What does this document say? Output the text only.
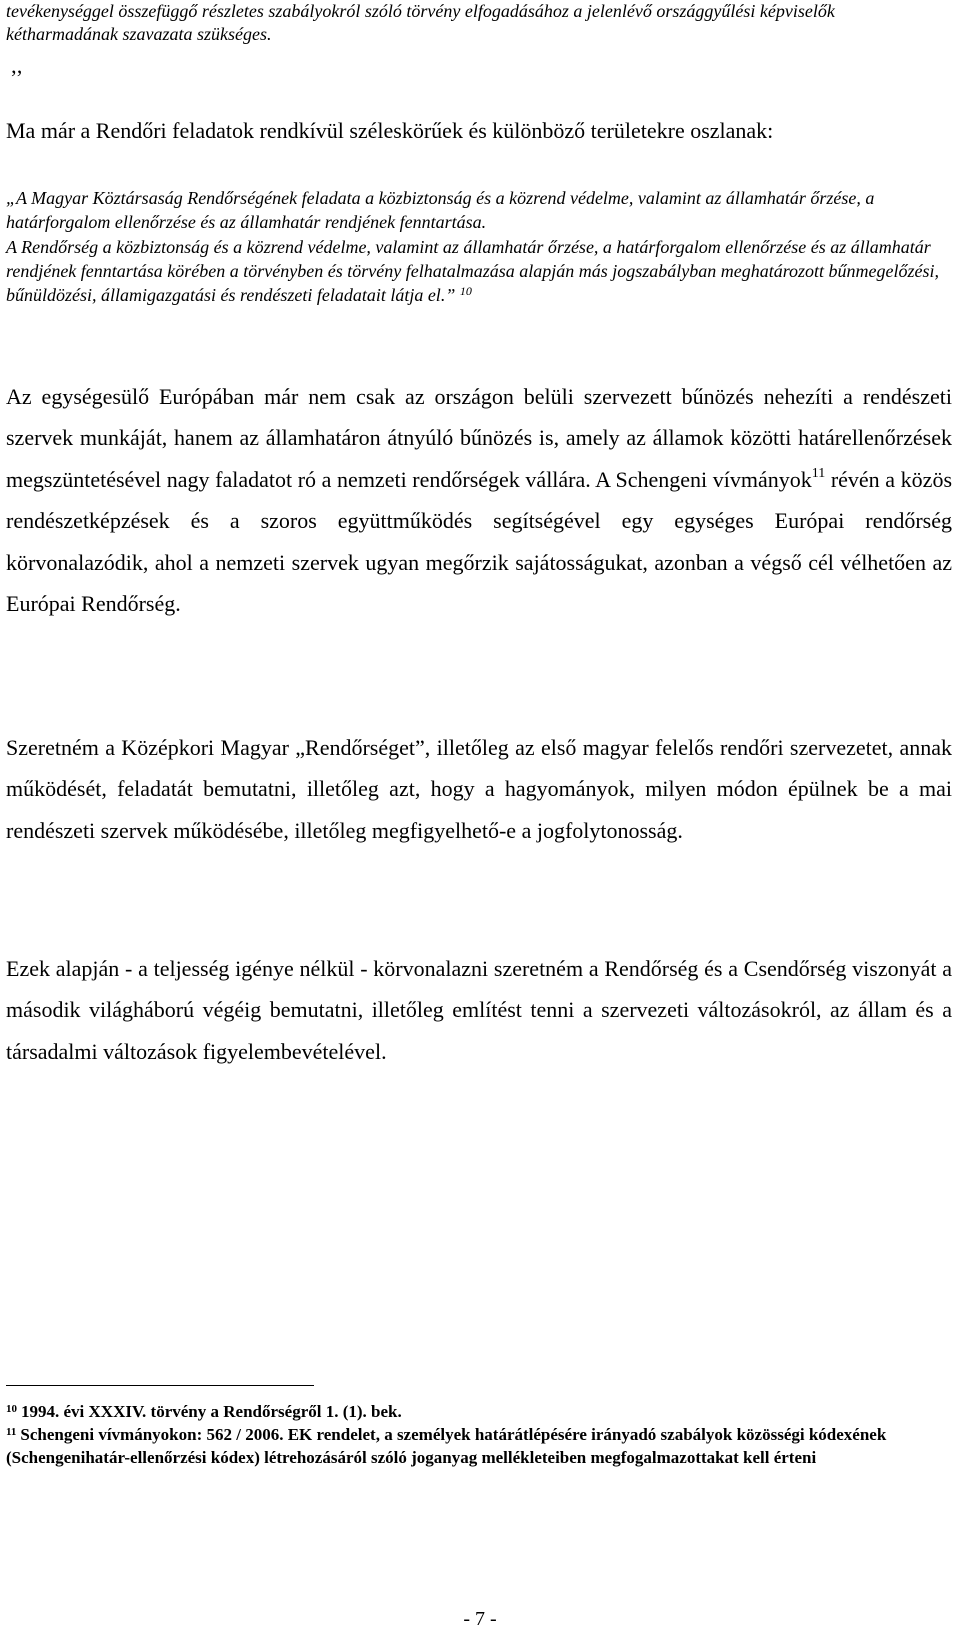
tevékenységgel összefüggő részletes szabályokról szóló törvény elfogadásához a jelenlévő országgyűlési képviselők
kétharmadának szavazata szükséges.
’’
Ma már a Rendőri feladatok rendkívül széleskörűek és különböző területekre oszlanak:
„A Magyar Köztársaság Rendőrségének feladata a közbiztonság és a közrend védelme, valamint az államhatár őrzése, a határforgalom ellenőrzése és az államhatár rendjének fenntartása.
A Rendőrség a közbiztonság és a közrend védelme, valamint az államhatár őrzése, a határforgalom ellenőrzése és az államhatár rendjének fenntartása körében a törvényben és törvény felhatalmazása alapján más jogszabályban meghatározott bűnmegelőzési, bűnüldözési, államigazgatási és rendészeti feladatait látja el.” $^{10}$
Az egységesülő Európában már nem csak az országon belüli szervezett bűnözés nehezíti a rendészeti szervek munkáját, hanem az államhatáron átnyúló bűnözés is, amely az államok közötti határellenőrzések megszüntetésével nagy faladatot ró a nemzeti rendőrségek vállára. A Schengeni vívmányok$^{11}$ révén a közös rendészetképzések és a szoros együttműködés segítségével egy egységes Európai rendőrség körvonalazódik, ahol a nemzeti szervek ugyan megőrzik sajátosságukat, azonban a végső cél vélhetően az Európai Rendőrség.
Szeretném a Középkori Magyar „Rendőrséget”, illetőleg az első magyar felelős rendőri szervezetet, annak működését, feladatát bemutatni, illetőleg azt, hogy a hagyományok, milyen módon épülnek be a mai rendészeti szervek működésébe, illetőleg megfigyelhető-e a jogfolytonosság.
Ezek alapján - a teljesség igénye nélkül - körvonalazni szeretném a Rendőrség és a Csendőrség viszonyát a második világháború végéig bemutatni, illetőleg említést tenni a szervezeti változásokról, az állam és a társadalmi változások figyelembevételével.
$^{10}$ 1994. évi XXXIV. törvény a Rendőrségről 1. (1). bek.
$^{11}$ Schengeni vívmányokon: 562 / 2006. EK rendelet, a személyek határátlépésére irányadó szabályok közösségi kódexének (Schengenihatár-ellenőrzési kódex) létrehozásáról szóló joganyag mellékleteiben megfogalmazottakat kell érteni
- 7 -
